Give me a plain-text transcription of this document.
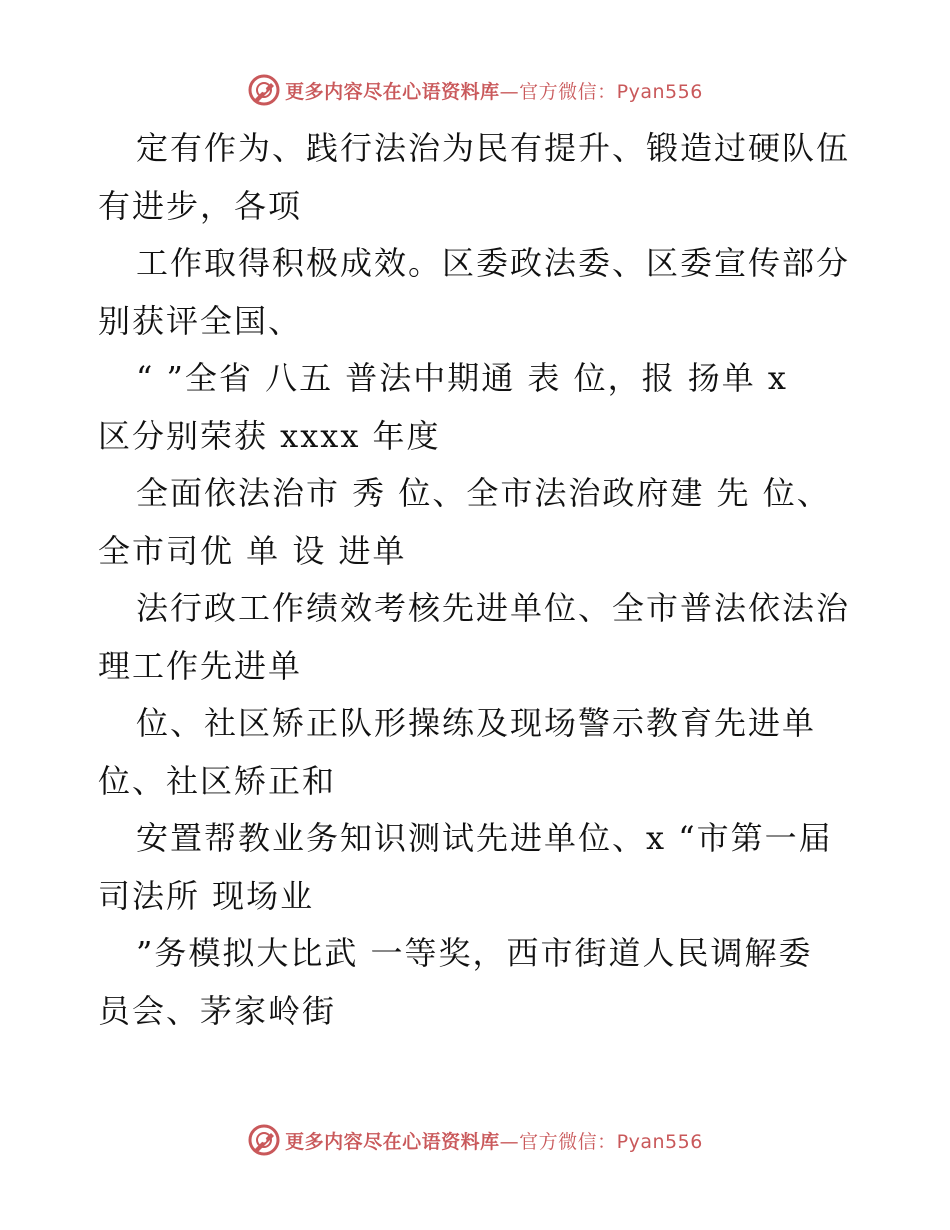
更多内容尽在心语资料库—官方微信：Pyan556
定有作为、践行法治为民有提升、锻造过硬队伍
有进步，各项
工作取得积极成效。区委政法委、区委宣传部分
别获评全国、
“ ”全省 八五 普法中期通 表 位，报 扬单 x
区分别荣获 xxxx 年度
全面依法治市 秀 位、全市法治政府建 先 位、
全市司优 单 设 进单
法行政工作绩效考核先进单位、全市普法依法治
理工作先进单
位、社区矫正队形操练及现场警示教育先进单
位、社区矫正和
安置帮教业务知识测试先进单位、x “市第一届
司法所 现场业
”务模拟大比武 一等奖，西市街道人民调解委
员会、茅家岭街
更多内容尽在心语资料库—官方微信：Pyan556
